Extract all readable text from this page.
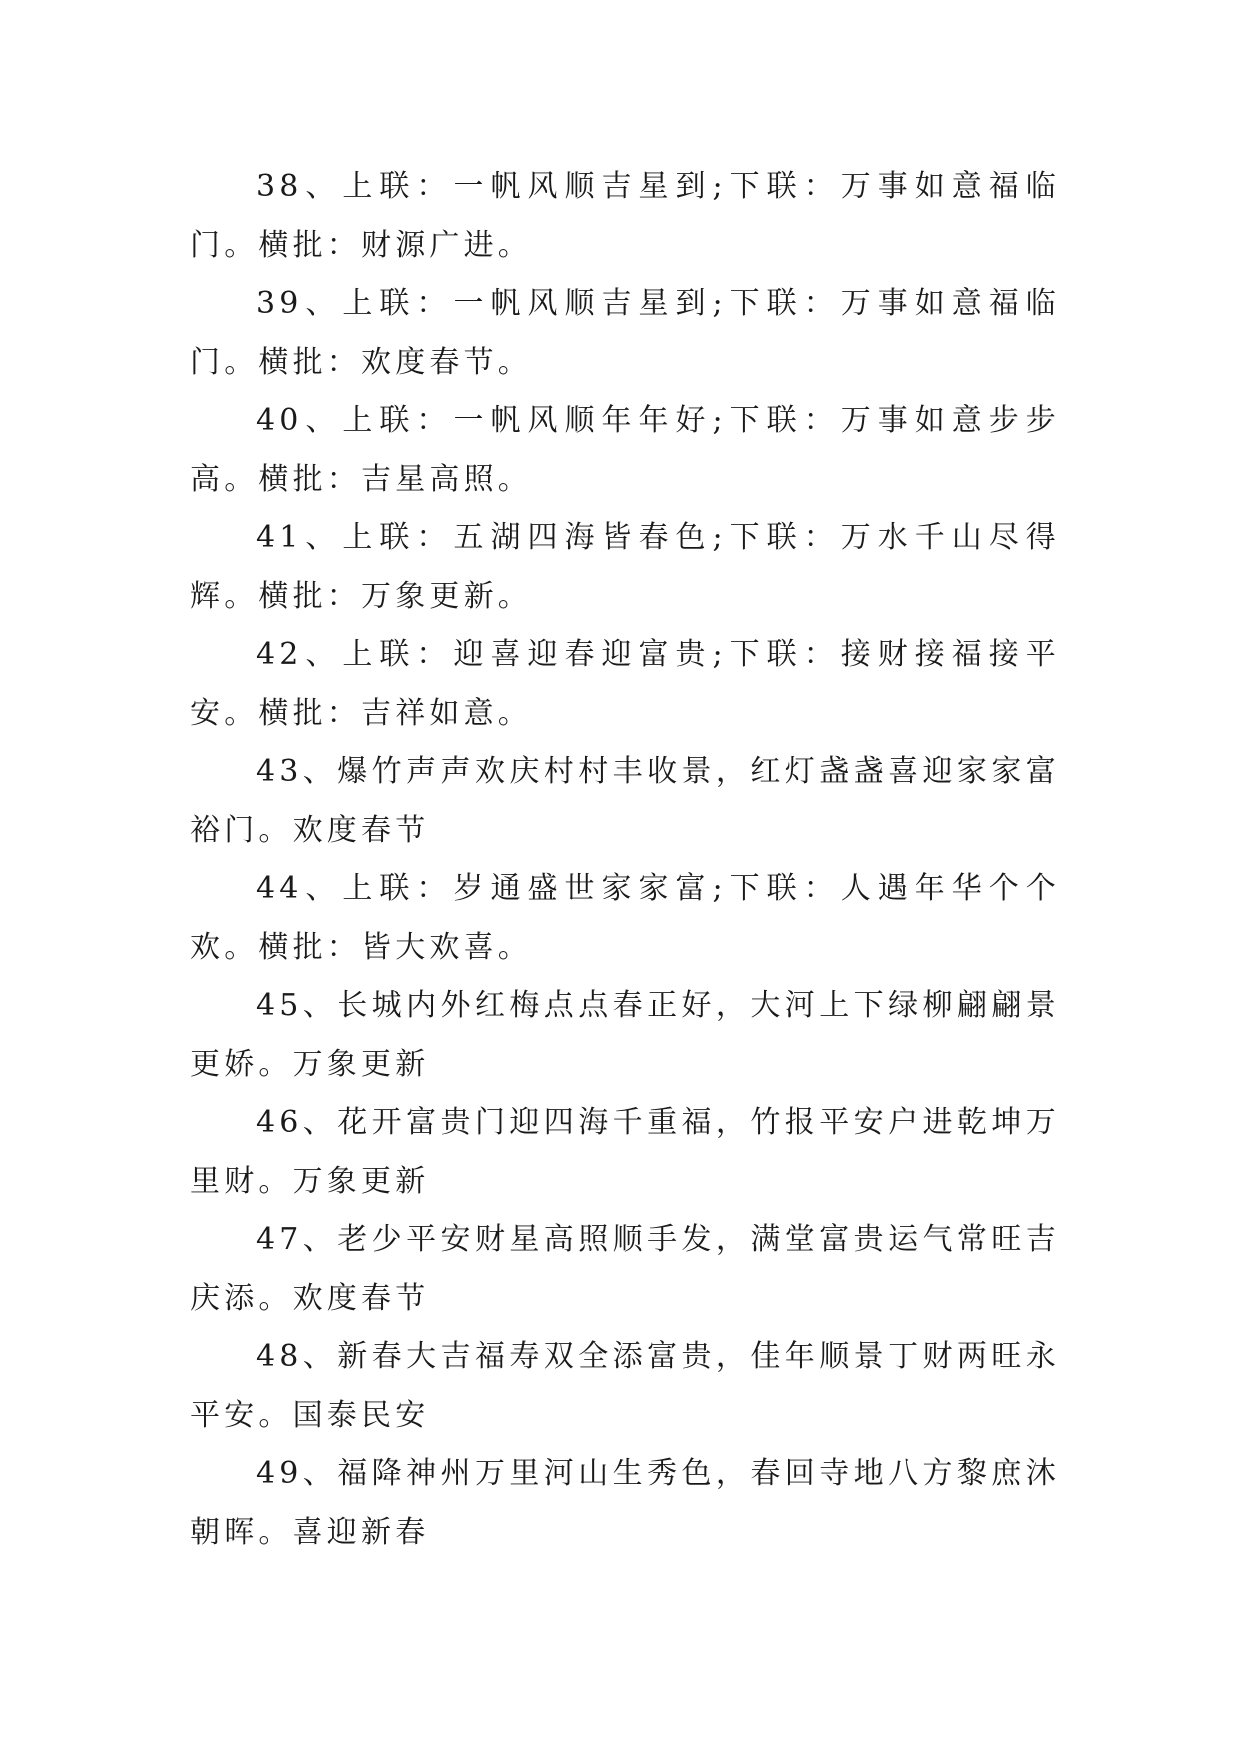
38、上联：一帆风顺吉星到;下联：万事如意福临门。横批：财源广进。

39、上联：一帆风顺吉星到;下联：万事如意福临门。横批：欢度春节。

40、上联：一帆风顺年年好;下联：万事如意步步高。横批：吉星高照。

41、上联：五湖四海皆春色;下联：万水千山尽得辉。横批：万象更新。

42、上联：迎喜迎春迎富贵;下联：接财接福接平安。横批：吉祥如意。

43、爆竹声声欢庆村村丰收景，红灯盏盏喜迎家家富裕门。欢度春节

44、上联：岁通盛世家家富;下联：人遇年华个个欢。横批：皆大欢喜。

45、长城内外红梅点点春正好，大河上下绿柳翩翩景更娇。万象更新

46、花开富贵门迎四海千重福，竹报平安户进乾坤万里财。万象更新

47、老少平安财星高照顺手发，满堂富贵运气常旺吉庆添。欢度春节

48、新春大吉福寿双全添富贵，佳年顺景丁财两旺永平安。国泰民安

49、福降神州万里河山生秀色，春回寺地八方黎庶沐朝晖。喜迎新春
